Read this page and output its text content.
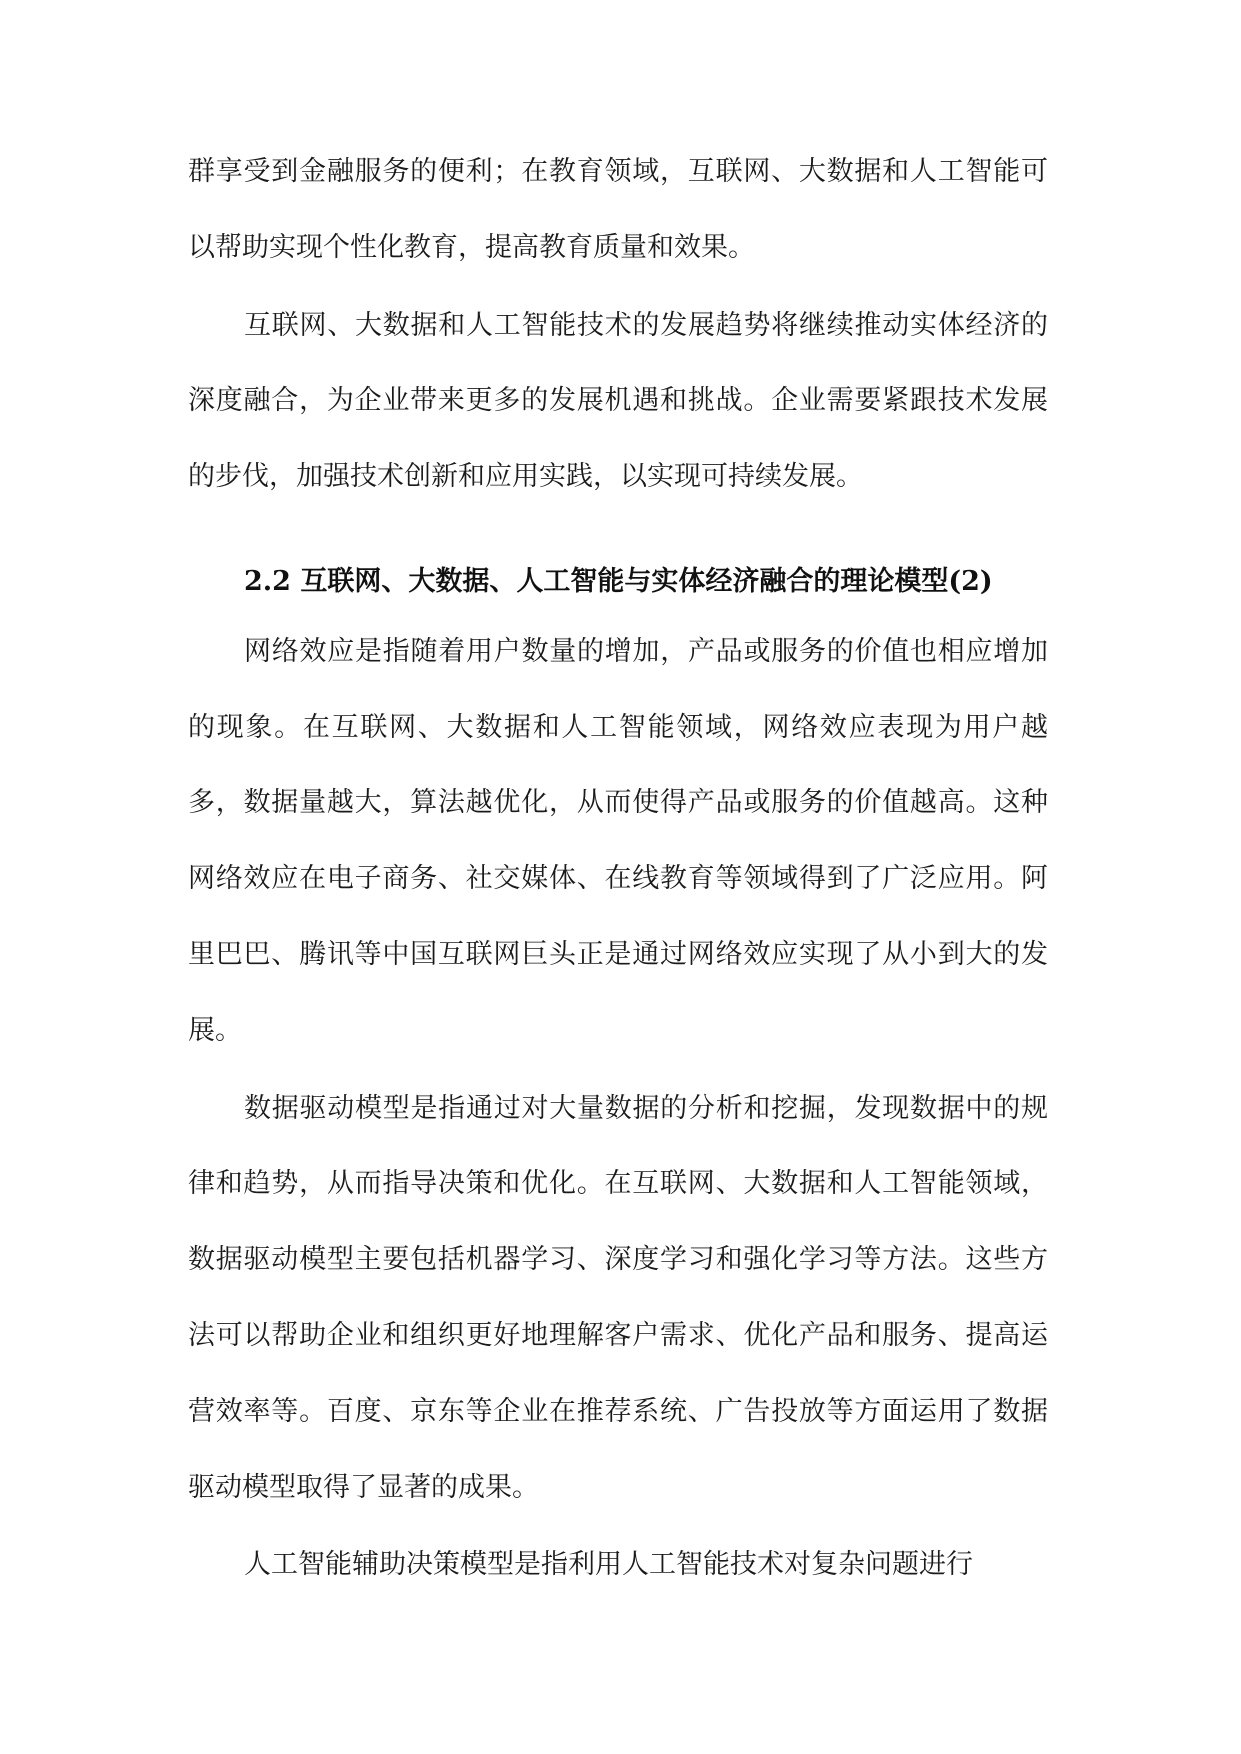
群享受到金融服务的便利；在教育领域，互联网、大数据和人工智能可以帮助实现个性化教育，提高教育质量和效果。

互联网、大数据和人工智能技术的发展趋势将继续推动实体经济的深度融合，为企业带来更多的发展机遇和挑战。企业需要紧跟技术发展的步伐，加强技术创新和应用实践，以实现可持续发展。

2.2 互联网、大数据、人工智能与实体经济融合的理论模型(2)

网络效应是指随着用户数量的增加，产品或服务的价值也相应增加的现象。在互联网、大数据和人工智能领域，网络效应表现为用户越多，数据量越大，算法越优化，从而使得产品或服务的价值越高。这种网络效应在电子商务、社交媒体、在线教育等领域得到了广泛应用。阿里巴巴、腾讯等中国互联网巨头正是通过网络效应实现了从小到大的发展。

数据驱动模型是指通过对大量数据的分析和挖掘，发现数据中的规律和趋势，从而指导决策和优化。在互联网、大数据和人工智能领域，数据驱动模型主要包括机器学习、深度学习和强化学习等方法。这些方法可以帮助企业和组织更好地理解客户需求、优化产品和服务、提高运营效率等。百度、京东等企业在推荐系统、广告投放等方面运用了数据驱动模型取得了显著的成果。

人工智能辅助决策模型是指利用人工智能技术对复杂问题进行
